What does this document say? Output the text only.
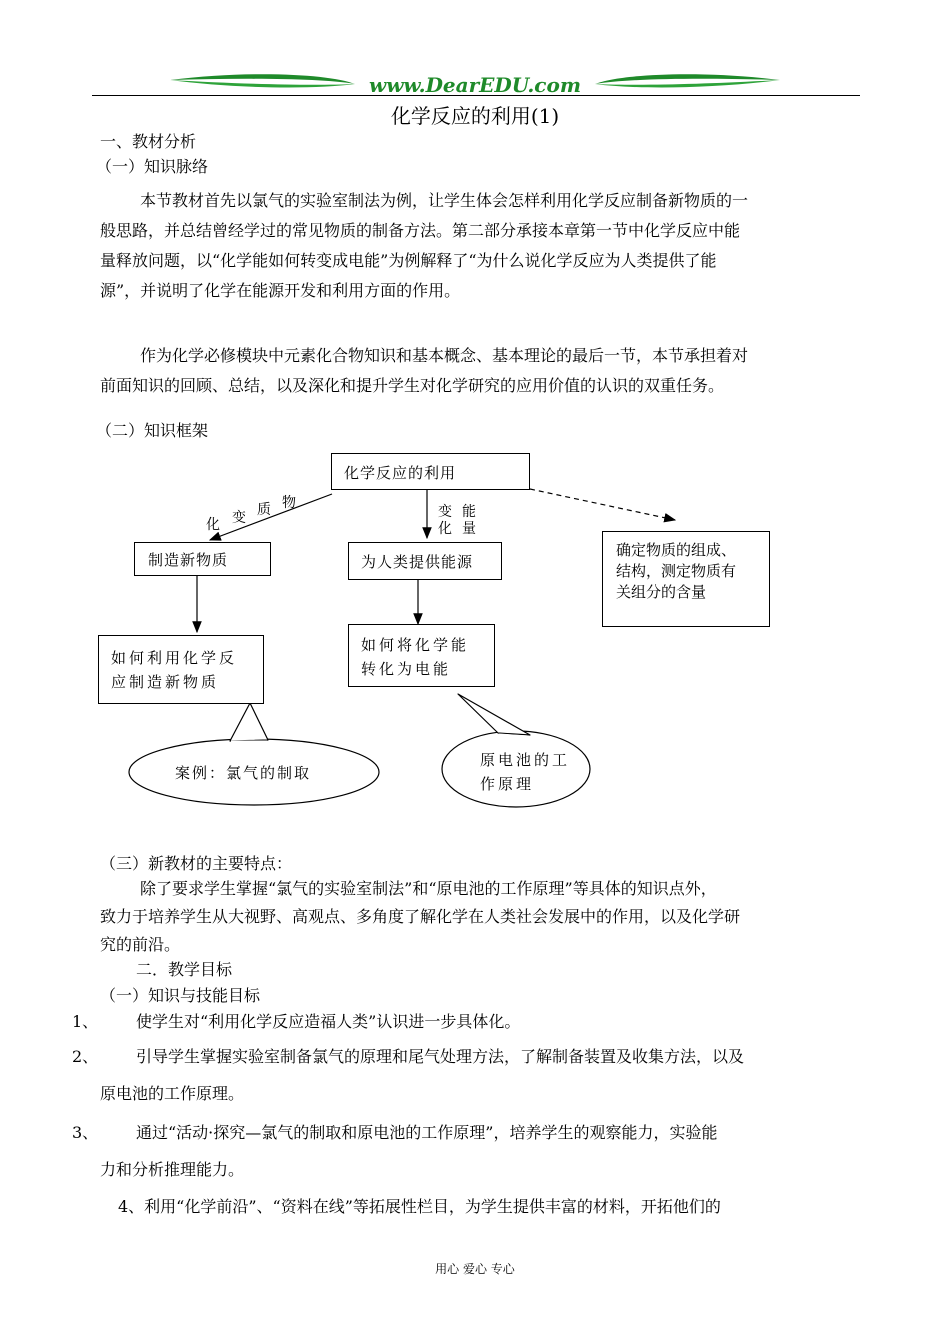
www.DearEDU.com
化学反应的利用(1)
一、教材分析
（一）知识脉络
本节教材首先以氯气的实验室制法为例，让学生体会怎样利用化学反应制备新物质的一
般思路，并总结曾经学过的常见物质的制备方法。第二部分承接本章第一节中化学反应中能
量释放问题，以“化学能如何转变成电能”为例解释了“为什么说化学反应为人类提供了能
源”，并说明了化学在能源开发和利用方面的作用。
作为化学必修模块中元素化合物知识和基本概念、基本理论的最后一节，本节承担着对
前面知识的回顾、总结，以及深化和提升学生对化学研究的应用价值的认识的双重任务。
（二）知识框架
化 变 质 物
变 能
化 量
化学反应的利用
制造新物质	为人类提供能源
确定物质的组成、
结构，测定物质有
关组分的含量
如何利用化学反
应制造新物质
如何将化学能
转化为电能
案例：氯气的制取
原电池的工
作原理
（三）新教材的主要特点：
除了要求学生掌握“氯气的实验室制法”和“原电池的工作原理”等具体的知识点外，
致力于培养学生从大视野、高观点、多角度了解化学在人类社会发展中的作用，以及化学研
究的前沿。
二．教学目标
（一）知识与技能目标
1、 使学生对“利用化学反应造福人类”认识进一步具体化。
2、 引导学生掌握实验室制备氯气的原理和尾气处理方法，了解制备装置及收集方法，以及
原电池的工作原理。
3、 通过“活动·探究—氯气的制取和原电池的工作原理”，培养学生的观察能力，实验能
力和分析推理能力。
4、利用“化学前沿”、“资料在线”等拓展性栏目，为学生提供丰富的材料，开拓他们的
用心 爱心 专心
